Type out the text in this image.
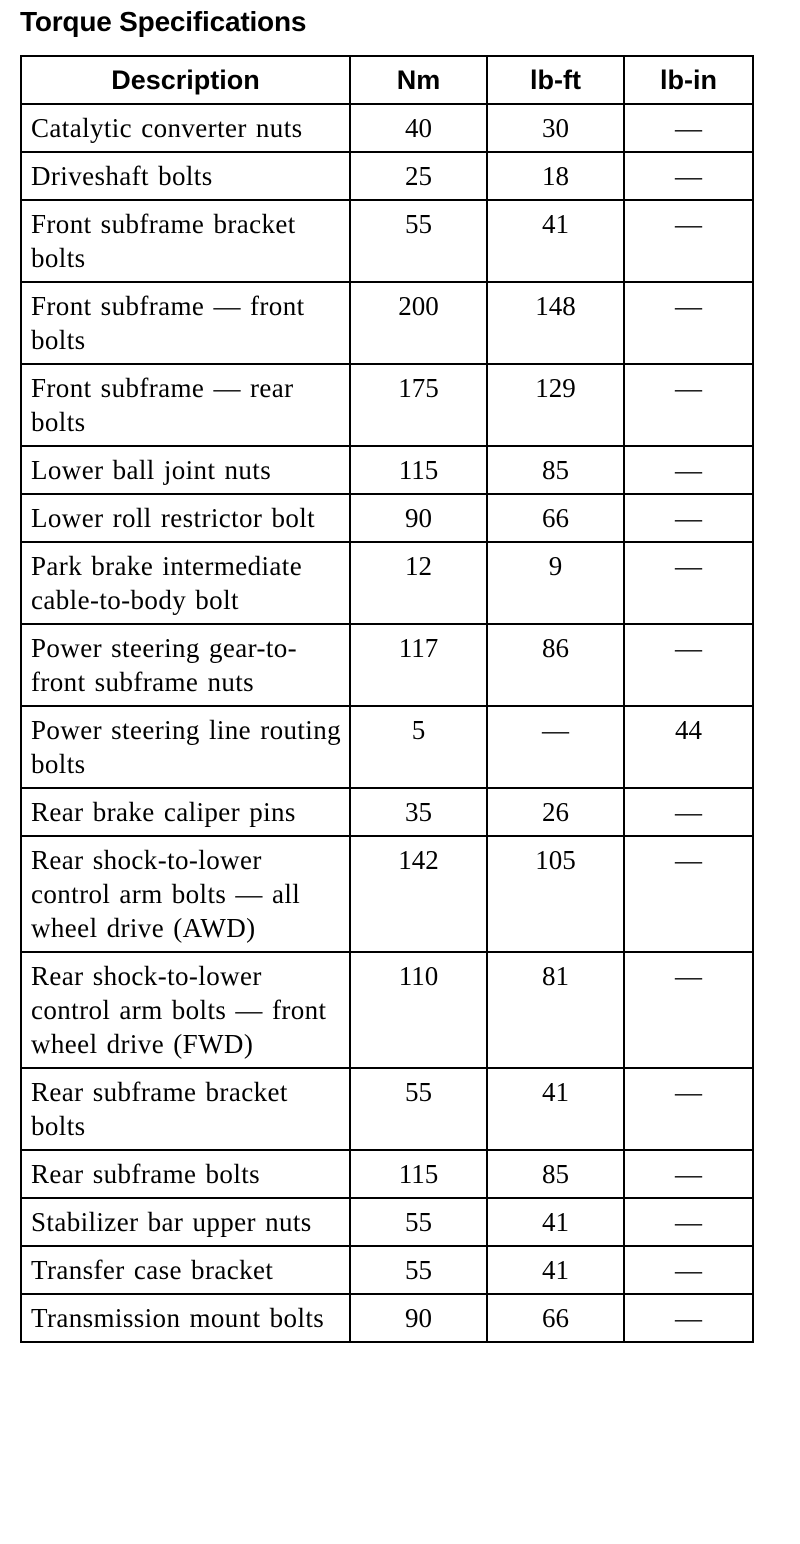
Torque Specifications
Description	Nm	lb-ft	lb-in
Catalytic converter nuts	40	30	—
Driveshaft bolts	25	18	—
Front subframe bracket bolts	55	41	—
Front subframe — front bolts	200	148	—
Front subframe — rear bolts	175	129	—
Lower ball joint nuts	115	85	—
Lower roll restrictor bolt	90	66	—
Park brake intermediate cable-to-body bolt	12	9	—
Power steering gear-to-front subframe nuts	117	86	—
Power steering line routing bolts	5	—	44
Rear brake caliper pins	35	26	—
Rear shock-to-lower control arm bolts — all wheel drive (AWD)	142	105	—
Rear shock-to-lower control arm bolts — front wheel drive (FWD)	110	81	—
Rear subframe bracket bolts	55	41	—
Rear subframe bolts	115	85	—
Stabilizer bar upper nuts	55	41	—
Transfer case bracket	55	41	—
Transmission mount bolts	90	66	—
